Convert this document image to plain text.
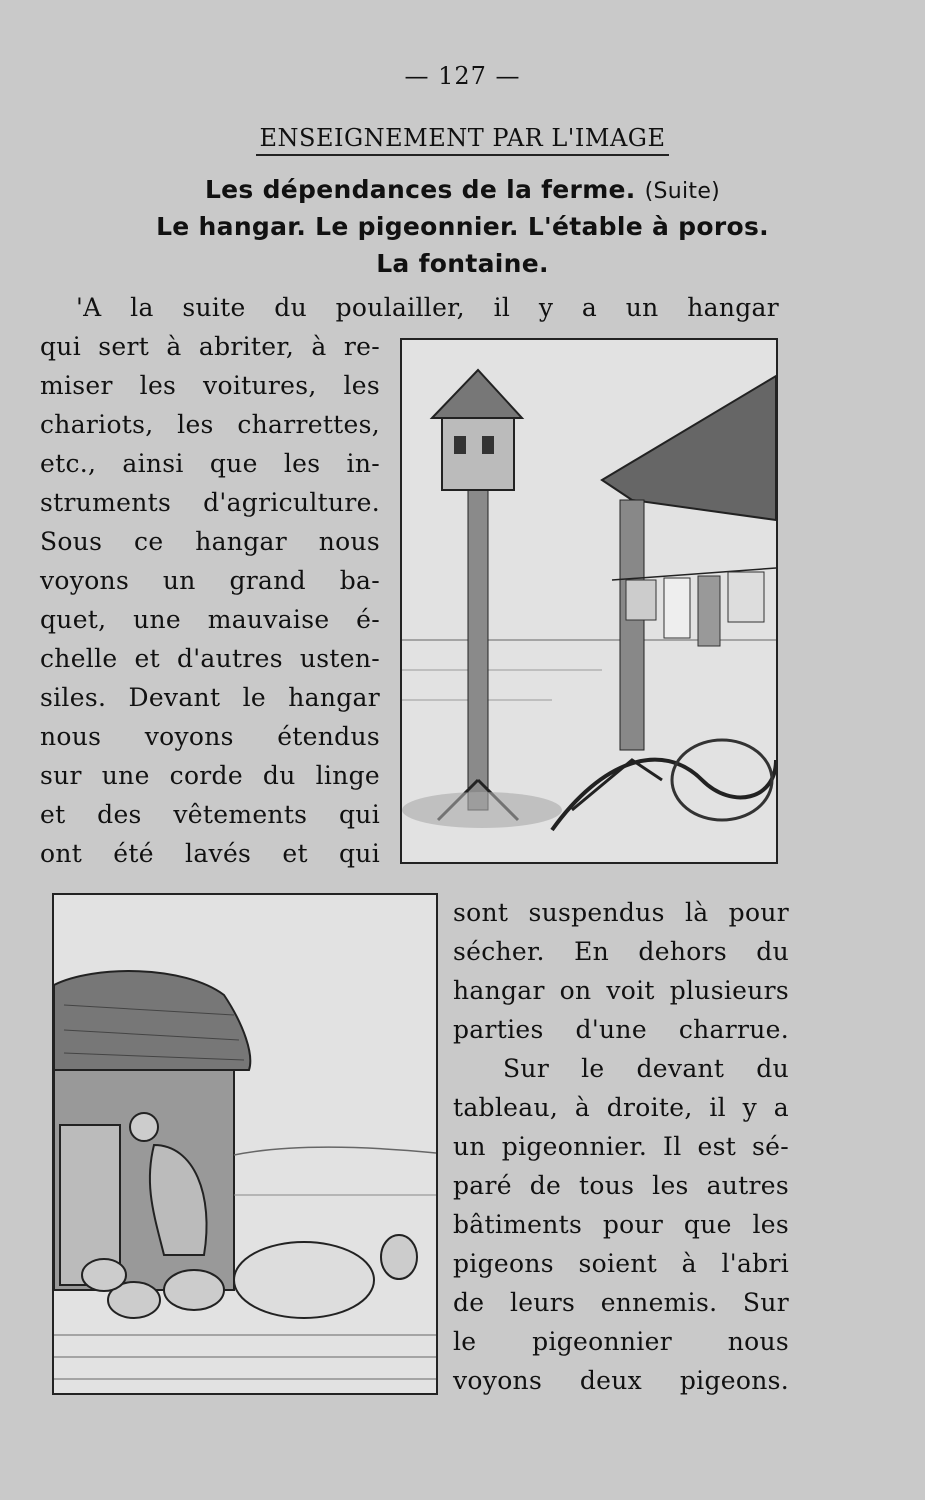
— 127 —
ENSEIGNEMENT PAR L'IMAGE
Les dépendances de la ferme. (Suite)
Le hangar. Le pigeonnier. L'étable à poros.
La fontaine.
'A la suite du poulailler, il y a un hangar
qui sert à abriter, à re-
miser les voitures, les
chariots, les charrettes,
etc., ainsi que les in-
struments d'agriculture.
Sous ce hangar nous
voyons un grand ba-
quet, une mauvaise é-
chelle et d'autres usten-
siles. Devant le hangar
nous voyons étendus
sur une corde du linge
et des vêtements qui
ont été lavés et qui
sont suspendus là pour
sécher. En dehors du
hangar on voit plusieurs
parties d'une charrue.
Sur le devant du
tableau, à droite, il y a
un pigeonnier. Il est sé-
paré de tous les autres
bâtiments pour que les
pigeons soient à l'abri
de leurs ennemis. Sur
le pigeonnier nous
voyons deux pigeons.
